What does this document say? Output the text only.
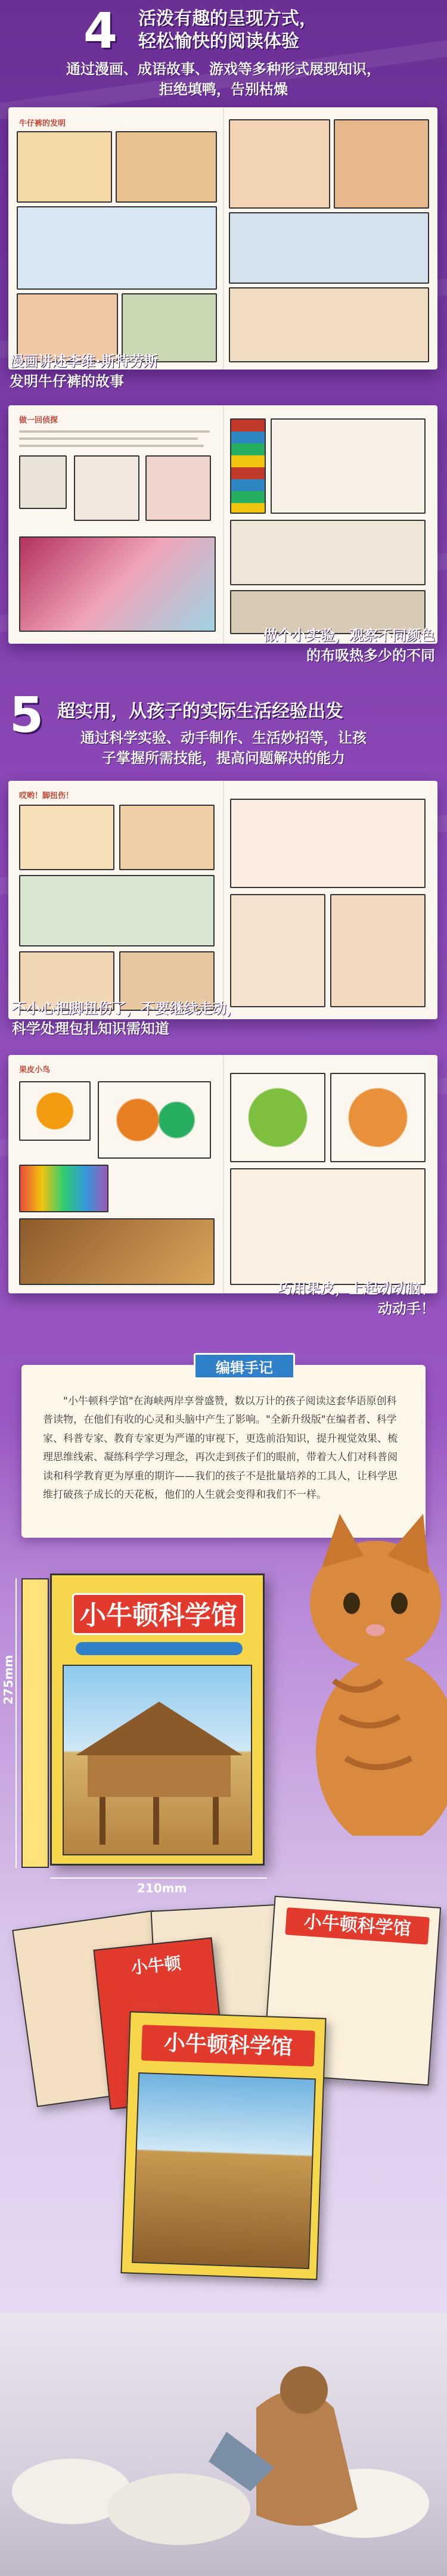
4 活泼有趣的呈现方式，
轻松愉快的阅读体验
通过漫画、成语故事、游戏等多种形式展现知识，
拒绝填鸭，告别枯燥
牛仔裤的发明
漫画讲述李维·斯特劳斯
发明牛仔裤的故事
做一回侦探
做个小实验，观察不同颜色
的布吸热多少的不同
5 超实用，从孩子的实际生活经验出发
通过科学实验、动手制作、生活妙招等，让孩
子掌握所需技能，提高问题解决的能力
哎哟！脚扭伤！
不小心把脚扭伤了，不要继续走动，
科学处理包扎知识需知道
果皮小鸟
巧用果皮，上起动动脑、
动动手！
编辑手记
"小牛顿科学馆"在海峡两岸享誉盛赞，数以万计的孩子阅读这套华语原创科普读物，在他们有收的心灵和头脑中产生了影响。"全新升级版"在编者者、科学家、科普专家、教育专家更为严谨的审视下，更选前沿知识，提升视觉效果、梳理思维线索、凝练科学学习理念，再次走到孩子们的眼前，带着大人们对科普阅读和科学教育更为厚重的期许——我们的孩子不是批量培养的工具人，让科学思维打破孩子成长的天花板，他们的人生就会变得和我们不一样。
小牛顿科学馆
275mm
210mm
小牛顿科学馆
小牛顿
小牛顿科学馆
